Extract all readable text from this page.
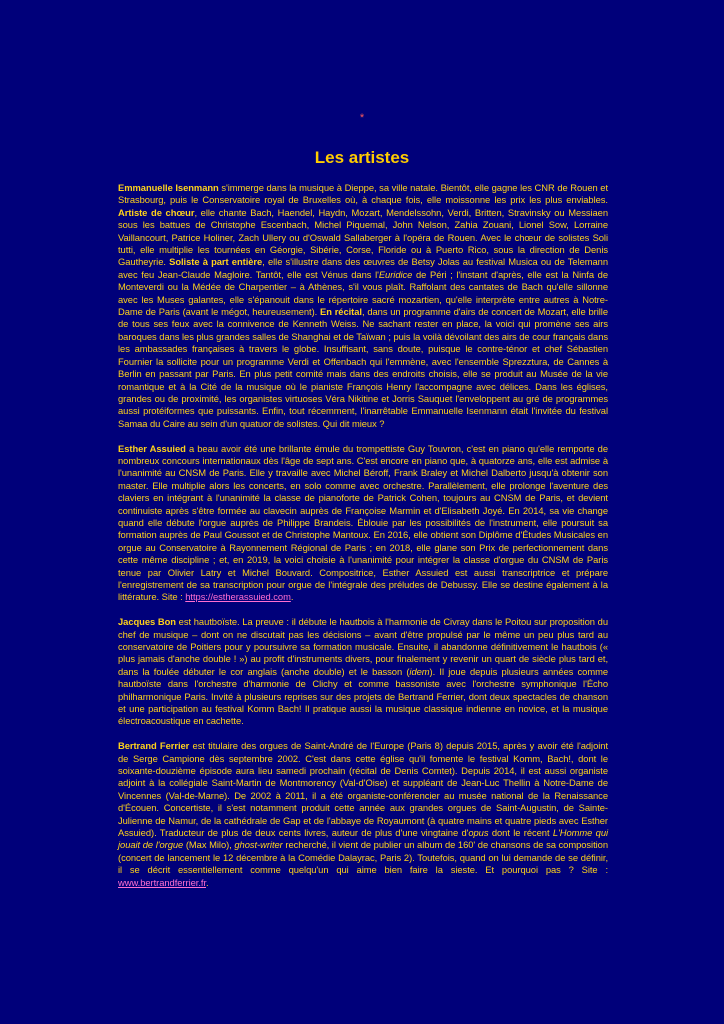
*
Les artistes

Emmanuelle Isenmann s'immerge dans la musique à Dieppe, sa ville natale. Bientôt, elle gagne les CNR de Rouen et Strasbourg, puis le Conservatoire royal de Bruxelles où, à chaque fois, elle moissonne les prix les plus enviables. Artiste de chœur, elle chante Bach, Haendel, Haydn, Mozart, Mendelssohn, Verdi, Britten, Stravinsky ou Messiaen sous les battues de Christophe Escenbach, Michel Piquemal, John Nelson, Zahia Zouani, Lionel Sow, Lorraine Vaillancourt, Patrice Holiner, Zach Ullery ou d'Oswald Sallaberger à l'opéra de Rouen. Avec le chœur de solistes Soli tutti, elle multiplie les tournées en Géorgie, Sibérie, Corse, Floride ou à Puerto Rico, sous la direction de Denis Gautheyrie. Soliste à part entière, elle s'illustre dans des œuvres de Betsy Jolas au festival Musica ou de Telemann avec feu Jean-Claude Magloire. Tantôt, elle est Vénus dans l'Euridice de Péri ; l'instant d'après, elle est la Ninfa de Monteverdi ou la Médée de Charpentier – à Athènes, s'il vous plaît. Raffolant des cantates de Bach qu'elle sillonne avec les Muses galantes, elle s'épanouit dans le répertoire sacré mozartien, qu'elle interprète entre autres à Notre-Dame de Paris (avant le mégot, heureusement). En récital, dans un programme d'airs de concert de Mozart, elle brille de tous ses feux avec la connivence de Kenneth Weiss. Ne sachant rester en place, la voici qui promène ses airs baroques dans les plus grandes salles de Shanghai et de Taïwan ; puis la voilà dévoilant des airs de cour français dans les ambassades françaises à travers le globe. Insuffisant, sans doute, puisque le contre-ténor et chef Sébastien Fournier la sollicite pour un programme Verdi et Offenbach qui l'emmène, avec l'ensemble Sprezztura, de Cannes à Berlin en passant par Paris. En plus petit comité mais dans des endroits choisis, elle se produit au Musée de la vie romantique et à la Cité de la musique où le pianiste François Henry l'accompagne avec délices. Dans les églises, grandes ou de proximité, les organistes virtuoses Véra Nikitine et Jorris Sauquet l'enveloppent au gré de programmes aussi protéiformes que puissants. Enfin, tout récemment, l'inarrêtable Emmanuelle Isenmann était l'invitée du festival Samaa du Caire au sein d'un quatuor de solistes. Qui dit mieux ?

Esther Assuied a beau avoir été une brillante émule du trompettiste Guy Touvron, c'est en piano qu'elle remporte de nombreux concours internationaux dès l'âge de sept ans. C'est encore en piano que, à quatorze ans, elle est admise à l'unanimité au CNSM de Paris. Elle y travaille avec Michel Béroff, Frank Braley et Michel Dalberto jusqu'à obtenir son master. Elle multiplie alors les concerts, en solo comme avec orchestre. Parallèlement, elle prolonge l'aventure des claviers en intégrant à l'unanimité la classe de pianoforte de Patrick Cohen, toujours au CNSM de Paris, et devient continuiste après s'être formée au clavecin auprès de Françoise Marmin et d'Elisabeth Joyé. En 2014, sa vie change quand elle débute l'orgue auprès de Philippe Brandeis. Éblouie par les possibilités de l'instrument, elle poursuit sa formation auprès de Paul Goussot et de Christophe Mantoux. En 2016, elle obtient son Diplôme d'Études Musicales en orgue au Conservatoire à Rayonnement Régional de Paris ; en 2018, elle glane son Prix de perfectionnement dans cette même discipline ; et, en 2019, la voici choisie à l'unanimité pour intégrer la classe d'orgue du CNSM de Paris tenue par Olivier Latry et Michel Bouvard. Compositrice, Esther Assuied est aussi transcriptrice et prépare l'enregistrement de sa transcription pour orgue de l'intégrale des préludes de Debussy. Elle se destine également à la littérature. Site : https://estherassuied.com.

Jacques Bon est hautboïste. La preuve : il débute le hautbois à l'harmonie de Civray dans le Poitou sur proposition du chef de musique – dont on ne discutait pas les décisions – avant d'être propulsé par le même un peu plus tard au conservatoire de Poitiers pour y poursuivre sa formation musicale. Ensuite, il abandonne définitivement le hautbois (« plus jamais d'anche double ! ») au profit d'instruments divers, pour finalement y revenir un quart de siècle plus tard et, dans la foulée débuter le cor anglais (anche double) et le basson (idem). Il joue depuis plusieurs années comme hautboïste dans l'orchestre d'harmonie de Clichy et comme bassoniste avec l'orchestre symphonique l'Écho philharmonique Paris. Invité à plusieurs reprises sur des projets de Bertrand Ferrier, dont deux spectacles de chanson et une participation au festival Komm Bach! Il pratique aussi la musique classique indienne en novice, et la musique électroacoustique en cachette.

Bertrand Ferrier est titulaire des orgues de Saint-André de l'Europe (Paris 8) depuis 2015, après y avoir été l'adjoint de Serge Campione dès septembre 2002. C'est dans cette église qu'il fomente le festival Komm, Bach!, dont le soixante-douzième épisode aura lieu samedi prochain (récital de Denis Comtet). Depuis 2014, il est aussi organiste adjoint à la collégiale Saint-Martin de Montmorency (Val-d'Oise) et suppléant de Jean-Luc Thellin à Notre-Dame de Vincennes (Val-de-Marne). De 2002 à 2011, il a été organiste-conférencier au musée national de la Renaissance d'Écouen. Concertiste, il s'est notamment produit cette année aux grandes orgues de Saint-Augustin, de Sainte-Julienne de Namur, de la cathédrale de Gap et de l'abbaye de Royaumont (à quatre mains et quatre pieds avec Esther Assuied). Traducteur de plus de deux cents livres, auteur de plus d'une vingtaine d'opus dont le récent L'Homme qui jouait de l'orgue (Max Milo), ghost-writer recherché, il vient de publier un album de 160' de chansons de sa composition (concert de lancement le 12 décembre à la Comédie Dalayrac, Paris 2). Toutefois, quand on lui demande de se définir, il se décrit essentiellement comme quelqu'un qui aime bien faire la sieste. Et pourquoi pas ? Site : www.bertrandferrier.fr.
